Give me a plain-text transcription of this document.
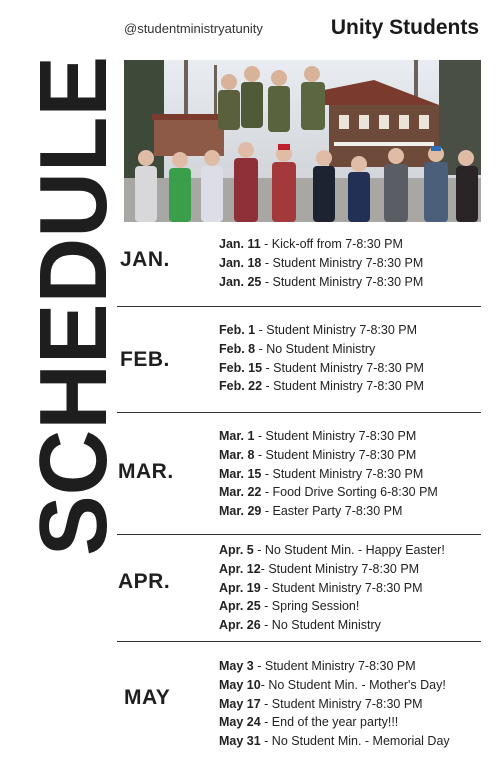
SCHEDULE
@studentministryatunity	Unity Students
JAN.
Jan. 11 - Kick-off from 7-8:30 PM
Jan. 18 - Student Ministry 7-8:30 PM
Jan. 25 - Student Ministry 7-8:30 PM
FEB.
Feb. 1 - Student Ministry 7-8:30 PM
Feb. 8 - No Student Ministry
Feb. 15 - Student Ministry 7-8:30 PM
Feb. 22 - Student Ministry 7-8:30 PM
MAR.
Mar. 1 - Student Ministry 7-8:30 PM
Mar. 8 - Student Ministry 7-8:30 PM
Mar. 15 - Student Ministry 7-8:30 PM
Mar. 22 - Food Drive Sorting 6-8:30 PM
Mar. 29 - Easter Party 7-8:30 PM
APR.
Apr. 5 - No Student Min. - Happy Easter!
Apr. 12- Student Ministry 7-8:30 PM
Apr. 19 - Student Ministry 7-8:30 PM
Apr. 25 - Spring Session!
Apr. 26 - No Student Ministry
MAY
May 3 - Student Ministry 7-8:30 PM
May 10- No Student Min. - Mother's Day!
May 17 - Student Ministry 7-8:30 PM
May 24 - End of the year party!!!
May 31 - No Student Min. - Memorial Day
